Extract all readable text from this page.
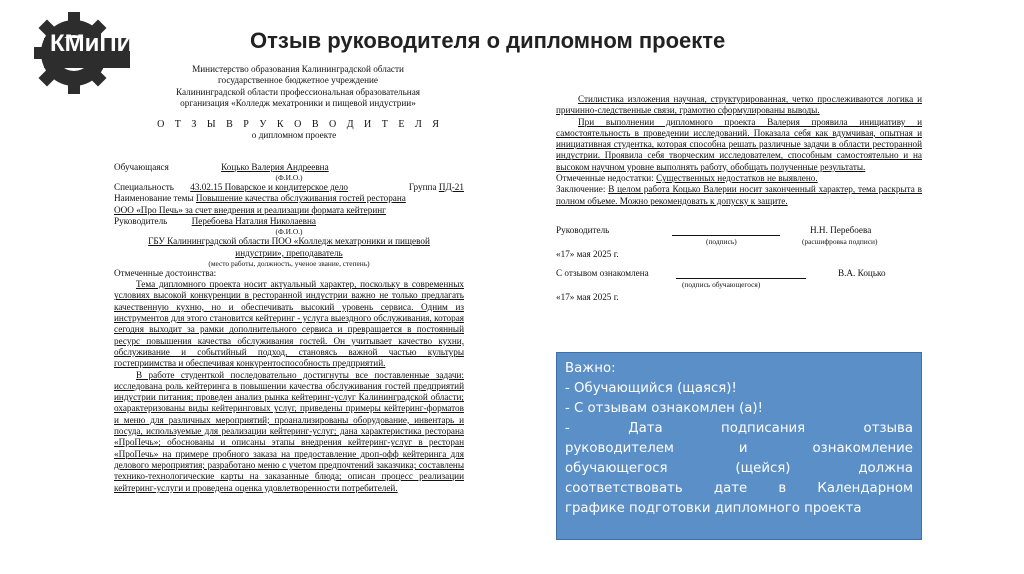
КМиПИ	Отзыв руководителя о дипломном проекте
Министерство образования Калининградской области
государственное бюджетное учреждение
Калининградской области профессиональная образовательная
организация «Колледж мехатроники и пищевой индустрии»
О Т З Ы В Р У К О В О Д И Т Е Л Я
о дипломном проекте
Обучающаяся	Коцько Валерия Андреевна
(Ф.И.О.)
Специальность 43.02.15 Поварское и кондитерское дело	Группа ПД-21
Наименование темы Повышение качества обслуживания гостей ресторана
ООО «Про Печь» за счет внедрения и реализации формата кейтеринг
Руководитель	Перебоева Наталия Николаевна
(Ф.И.О.)
ГБУ Калининградской области ПОО «Колледж мехатроники и пищевой
индустрии», преподаватель
(место работы, должность, ученое звание, степень)
Отмеченные достоинства:
Тема дипломного проекта носит актуальный характер, поскольку в современных условиях высокой конкуренции в ресторанной индустрии важно не только предлагать качественную кухню, но и обеспечивать высокий уровень сервиса. Одним из инструментов для этого становится кейтеринг - услуга выездного обслуживания, которая сегодня выходит за рамки дополнительного сервиса и превращается в постоянный ресурс повышения качества обслуживания гостей. Он учитывает качество кухни, обслуживание и событийный подход, становясь важной частью культуры гостеприимства и обеспечивая конкурентоспособность предприятий.
В работе студенткой последовательно достигнуты все поставленные задачи: исследована роль кейтеринга в повышении качества обслуживания гостей предприятий индустрии питания; проведен анализ рынка кейтеринг-услуг Калининградской области; охарактеризованы виды кейтеринговых услуг, приведены примеры кейтеринг-форматов и меню для различных мероприятий; проанализированы оборудование, инвентарь и посуда, используемые для реализации кейтеринг-услуг; дана характеристика ресторана «ПроПечь»; обоснованы и описаны этапы внедрения кейтеринг-услуг в ресторан «ПроПечь» на примере пробного заказа на предоставление дроп-офф кейтеринга для делового мероприятия; разработано меню с учетом предпочтений заказчика; составлены технико-технологические карты на заказанные блюда; описан процесс реализации кейтеринг-услуги и проведена оценка удовлетворенности потребителей.
Стилистика изложения научная, структурированная, четко прослеживаются логика и причинно-следственные связи, грамотно сформулированы выводы.
При выполнении дипломного проекта Валерия проявила инициативу и самостоятельность в проведении исследований. Показала себя как вдумчивая, опытная и инициативная студентка, которая способна решать различные задачи в области ресторанной индустрии. Проявила себя творческим исследователем, способным самостоятельно и на высоком научном уровне выполнять работу, обобщать полученные результаты.
Отмеченные недостатки: Существенных недостатков не выявлено.
Заключение: В целом работа Коцько Валерии носит законченный характер, тема раскрыта в полном объеме. Можно рекомендовать к допуску к защите.
Руководитель	Н.Н. Перебоева
(подпись)	(расшифровка подписи)
«17» мая 2025 г.
С отзывом ознакомлена	В.А. Коцько
(подпись обучающегося)
«17» мая 2025 г.

Важно:

- Обучающийся (щаяся)!

- С отзывам ознакомлен (а)!

- Дата подписания отзыва

руководителем и ознакомление

обучающегося (щейся) должна

соответствовать дате в Календарном

графике подготовки дипломного проекта
